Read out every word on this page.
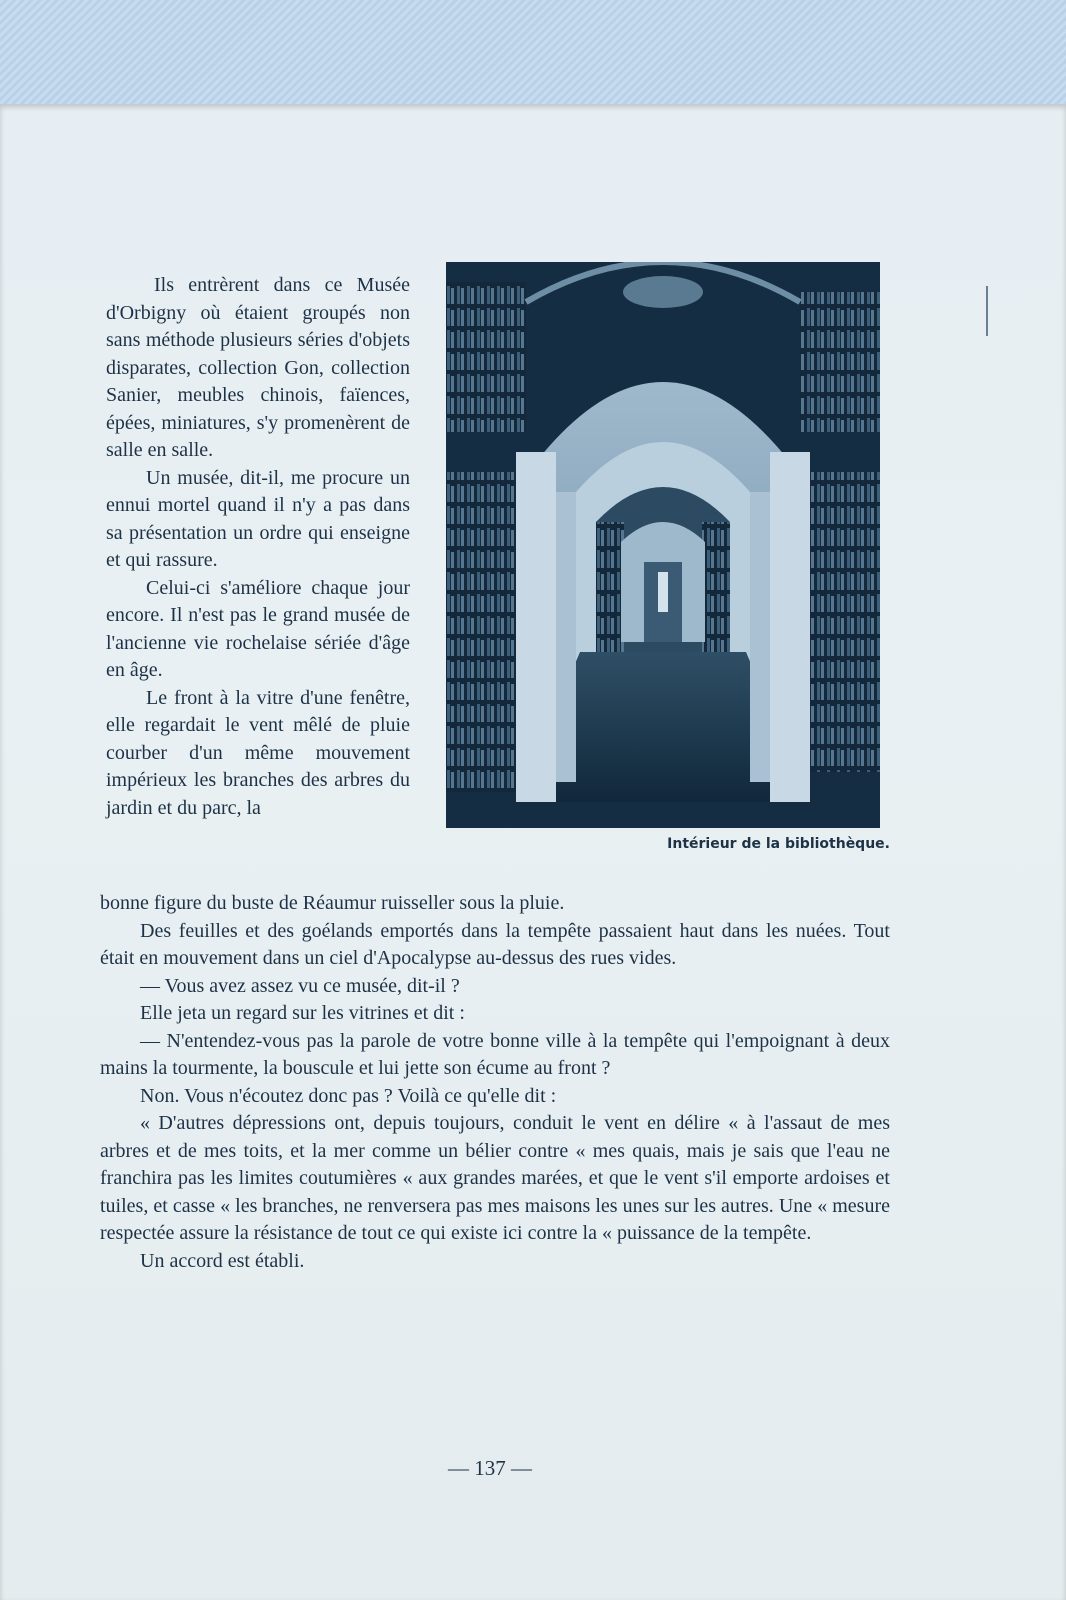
Ils entrèrent dans ce Musée d'Orbigny où étaient groupés non sans méthode plusieurs séries d'objets disparates, collection Gon, collection Sanier, meubles chinois, faïences, épées, miniatures, s'y promenèrent de salle en salle.

Un musée, dit-il, me procure un ennui mortel quand il n'y a pas dans sa présentation un ordre qui enseigne et qui rassure.

Celui-ci s'améliore chaque jour encore. Il n'est pas le grand musée de l'ancienne vie rochelaise sériée d'âge en âge.

Le front à la vitre d'une fenêtre, elle regardait le vent mêlé de pluie courber d'un même mouvement impérieux les branches des arbres du jardin et du parc, la

Intérieur de la bibliothèque.

bonne figure du buste de Réaumur ruisseller sous la pluie.

Des feuilles et des goélands emportés dans la tempête passaient haut dans les nuées. Tout était en mouvement dans un ciel d'Apocalypse au-dessus des rues vides.

— Vous avez assez vu ce musée, dit-il ?

Elle jeta un regard sur les vitrines et dit :

— N'entendez-vous pas la parole de votre bonne ville à la tempête qui l'empoignant à deux mains la tourmente, la bouscule et lui jette son écume au front ?

Non. Vous n'écoutez donc pas ? Voilà ce qu'elle dit :

« D'autres dépressions ont, depuis toujours, conduit le vent en délire « à l'assaut de mes arbres et de mes toits, et la mer comme un bélier contre « mes quais, mais je sais que l'eau ne franchira pas les limites coutumières « aux grandes marées, et que le vent s'il emporte ardoises et tuiles, et casse « les branches, ne renversera pas mes maisons les unes sur les autres. Une « mesure respectée assure la résistance de tout ce qui existe ici contre la « puissance de la tempête.

Un accord est établi.

— 137 —
